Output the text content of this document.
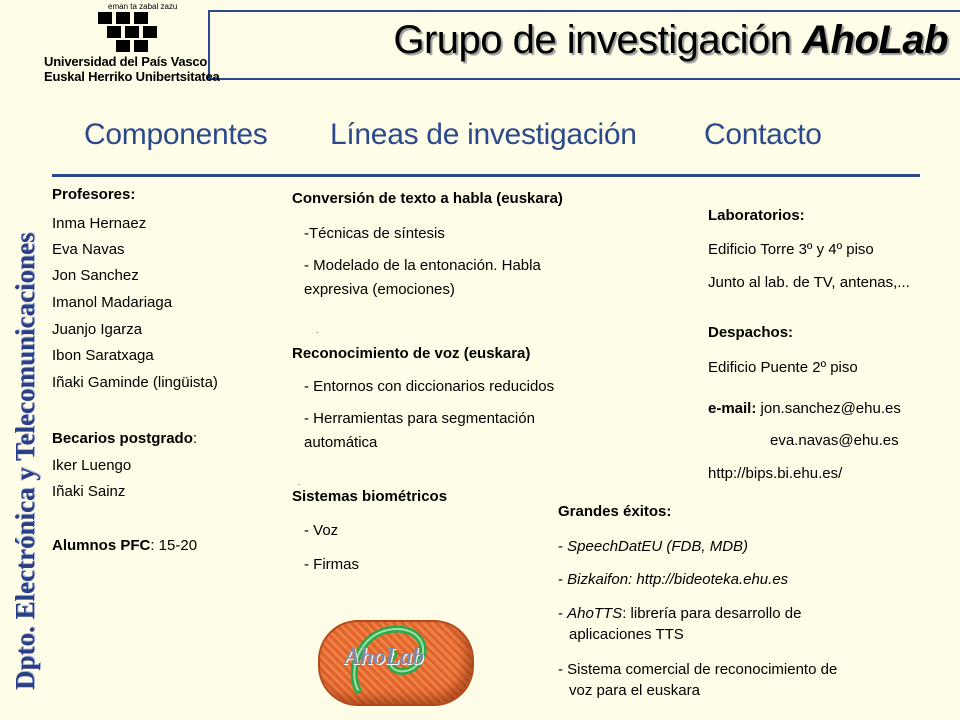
Grupo de investigación AhoLab
eman ta zabal zazu
Universidad del País Vasco
Euskal Herriko Unibertsitatea
Dpto. Electrónica y Telecomunicaciones
Componentes Líneas de investigación Contacto
Profesores:
Inma Hernaez
Eva Navas
Jon Sanchez
Imanol Madariaga
Juanjo Igarza
Ibon Saratxaga
Iñaki Gaminde (lingüista)
Becarios postgrado:
Iker Luengo
Iñaki Sainz
Alumnos PFC: 15-20
Conversión de texto a habla (euskara)
-Técnicas de síntesis
- Modelado de la entonación. Habla
expresiva (emociones)
.
Reconocimiento de voz (euskara)
- Entornos con diccionarios reducidos
- Herramientas para segmentación
automática
.
Sistemas biométricos
- Voz
- Firmas
Laboratorios:
Edificio Torre 3º y 4º piso
Junto al lab. de TV, antenas,...
Despachos:
Edificio Puente 2º piso
e-mail: jon.sanchez@ehu.es
eva.navas@ehu.es
http://bips.bi.ehu.es/
Grandes éxitos:
- SpeechDatEU (FDB, MDB)
- Bizkaifon: http://bideoteka.ehu.es
- AhoTTS: librería para desarrollo de
aplicaciones TTS
- Sistema comercial de reconocimiento de
voz para el euskara
AhoLab
